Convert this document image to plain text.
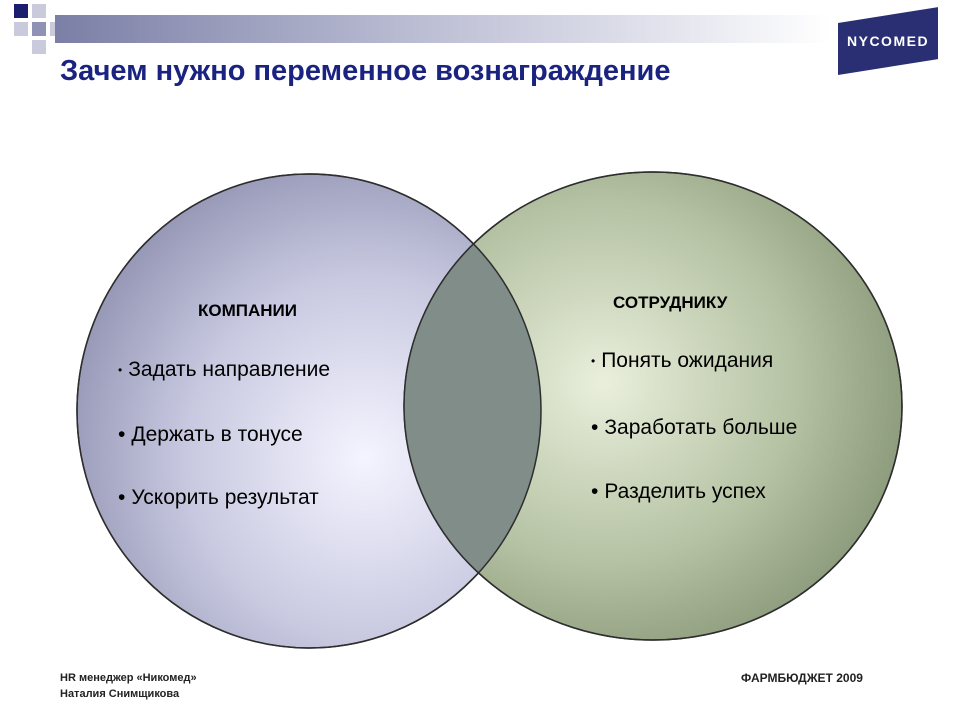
NYCOMED
Зачем нужно переменное вознаграждение
КОМПАНИИ
• Задать направление
• Держать в тонусе
• Ускорить результат
СОТРУДНИКУ
• Понять ожидания
• Заработать больше
• Разделить успех
HR менеджер «Никомед»
Наталия Снимщикова
ФАРМБЮДЖЕТ 2009
